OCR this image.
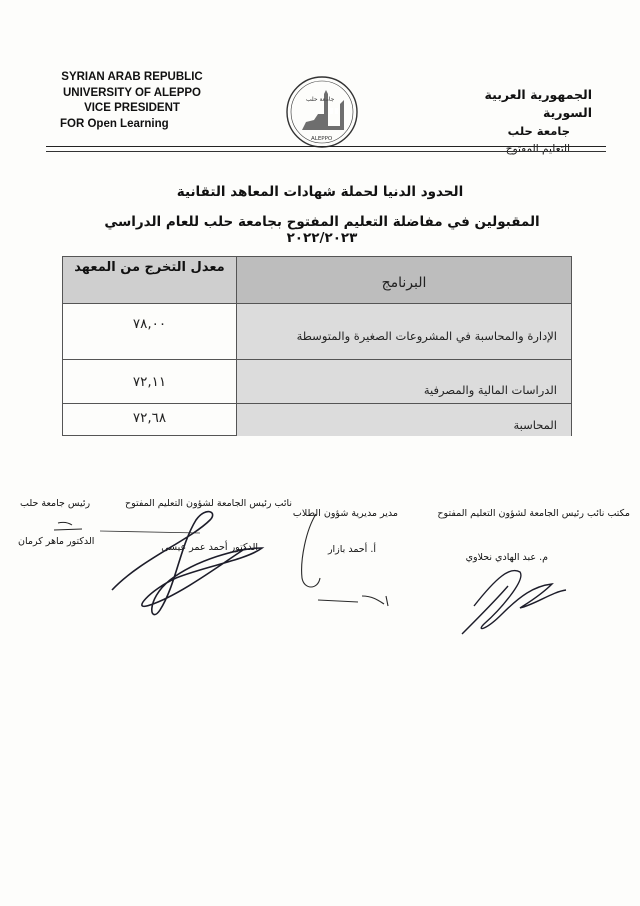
SYRIAN ARAB REPUBLIC
UNIVERSITY OF ALEPPO
VICE PRESIDENT
FOR Open Learning
جامعة حلب
ALEPPO
الجمهورية العربية السورية
جامعة حلب
التعليم المفتوح
الحدود الدنيا لحملة شهادات المعاهد التقانية
المقبولين في مفاضلة التعليم المفتوح بجامعة حلب للعام الدراسي ٢٠٢٢/٢٠٢٣
البرنامج
معدل التخرج من المعهد
٧٨,٠٠
الإدارة والمحاسبة في المشروعات الصغيرة والمتوسطة
٧٢,١١	الدراسات المالية والمصرفية
٧٢,٦٨	المحاسبة
مكتب نائب رئيس الجامعة لشؤون التعليم المفتوح
مدير مديرية شؤون الطلاب
نائب رئيس الجامعة لشؤون التعليم المفتوح
رئيس جامعة حلب
م. عبد الهادي نحلاوي
أ. أحمد بازار
الدكتور أحمد عمر عيسى
الدكتور ماهر كرمان
